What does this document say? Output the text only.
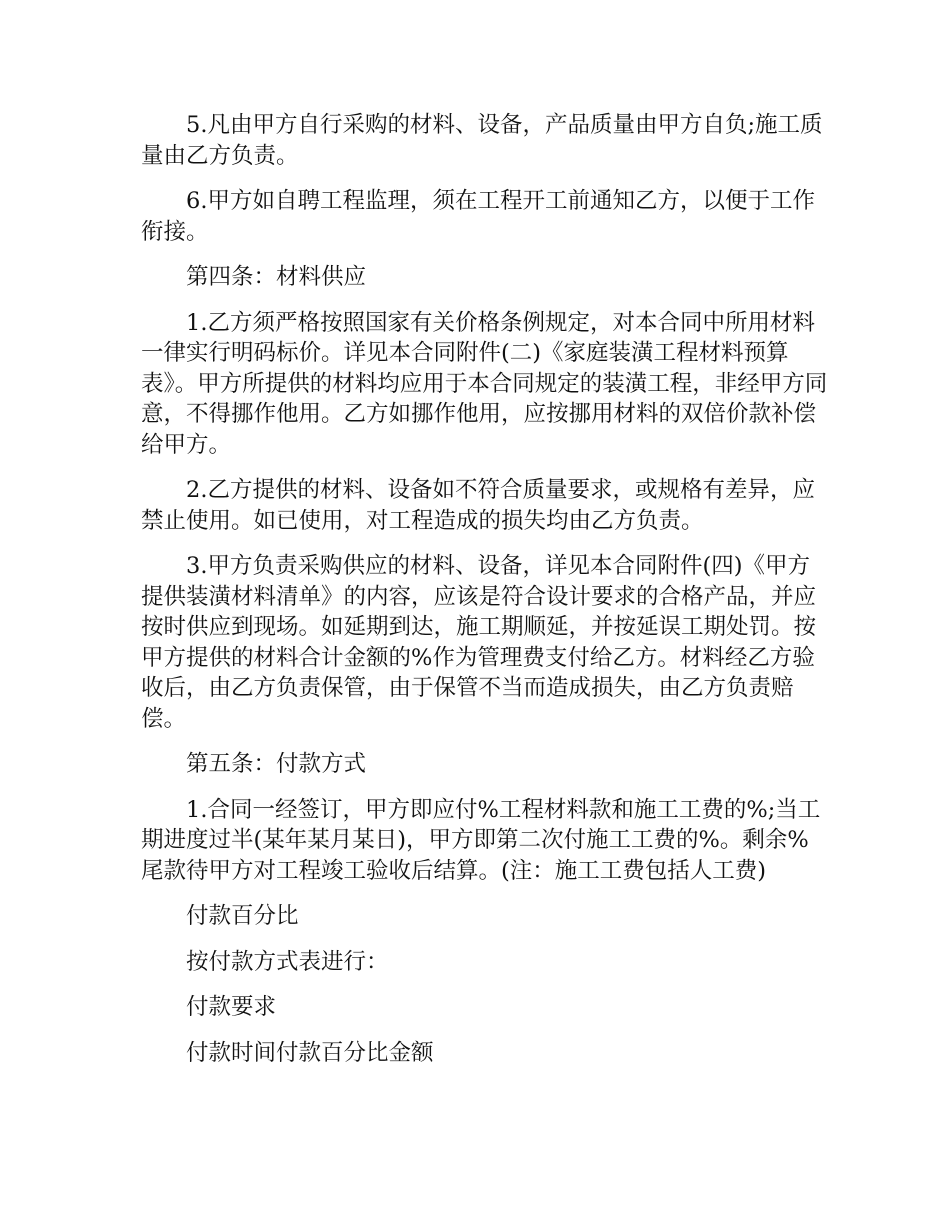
5.凡由甲方自行采购的材料、设备，产品质量由甲方自负;施工质量由乙方负责。

6.甲方如自聘工程监理，须在工程开工前通知乙方，以便于工作衔接。

第四条：材料供应

1.乙方须严格按照国家有关价格条例规定，对本合同中所用材料一律实行明码标价。详见本合同附件(二)《家庭装潢工程材料预算表》。甲方所提供的材料均应用于本合同规定的装潢工程，非经甲方同意，不得挪作他用。乙方如挪作他用，应按挪用材料的双倍价款补偿给甲方。

2.乙方提供的材料、设备如不符合质量要求，或规格有差异，应禁止使用。如已使用，对工程造成的损失均由乙方负责。

3.甲方负责采购供应的材料、设备，详见本合同附件(四)《甲方提供装潢材料清单》的内容，应该是符合设计要求的合格产品，并应按时供应到现场。如延期到达，施工期顺延，并按延误工期处罚。按甲方提供的材料合计金额的%作为管理费支付给乙方。材料经乙方验收后，由乙方负责保管，由于保管不当而造成损失，由乙方负责赔偿。

第五条：付款方式

1.合同一经签订，甲方即应付%工程材料款和施工工费的%;当工期进度过半(某年某月某日)，甲方即第二次付施工工费的%。剩余%尾款待甲方对工程竣工验收后结算。(注：施工工费包括人工费)

付款百分比

按付款方式表进行：

付款要求

付款时间付款百分比金额
